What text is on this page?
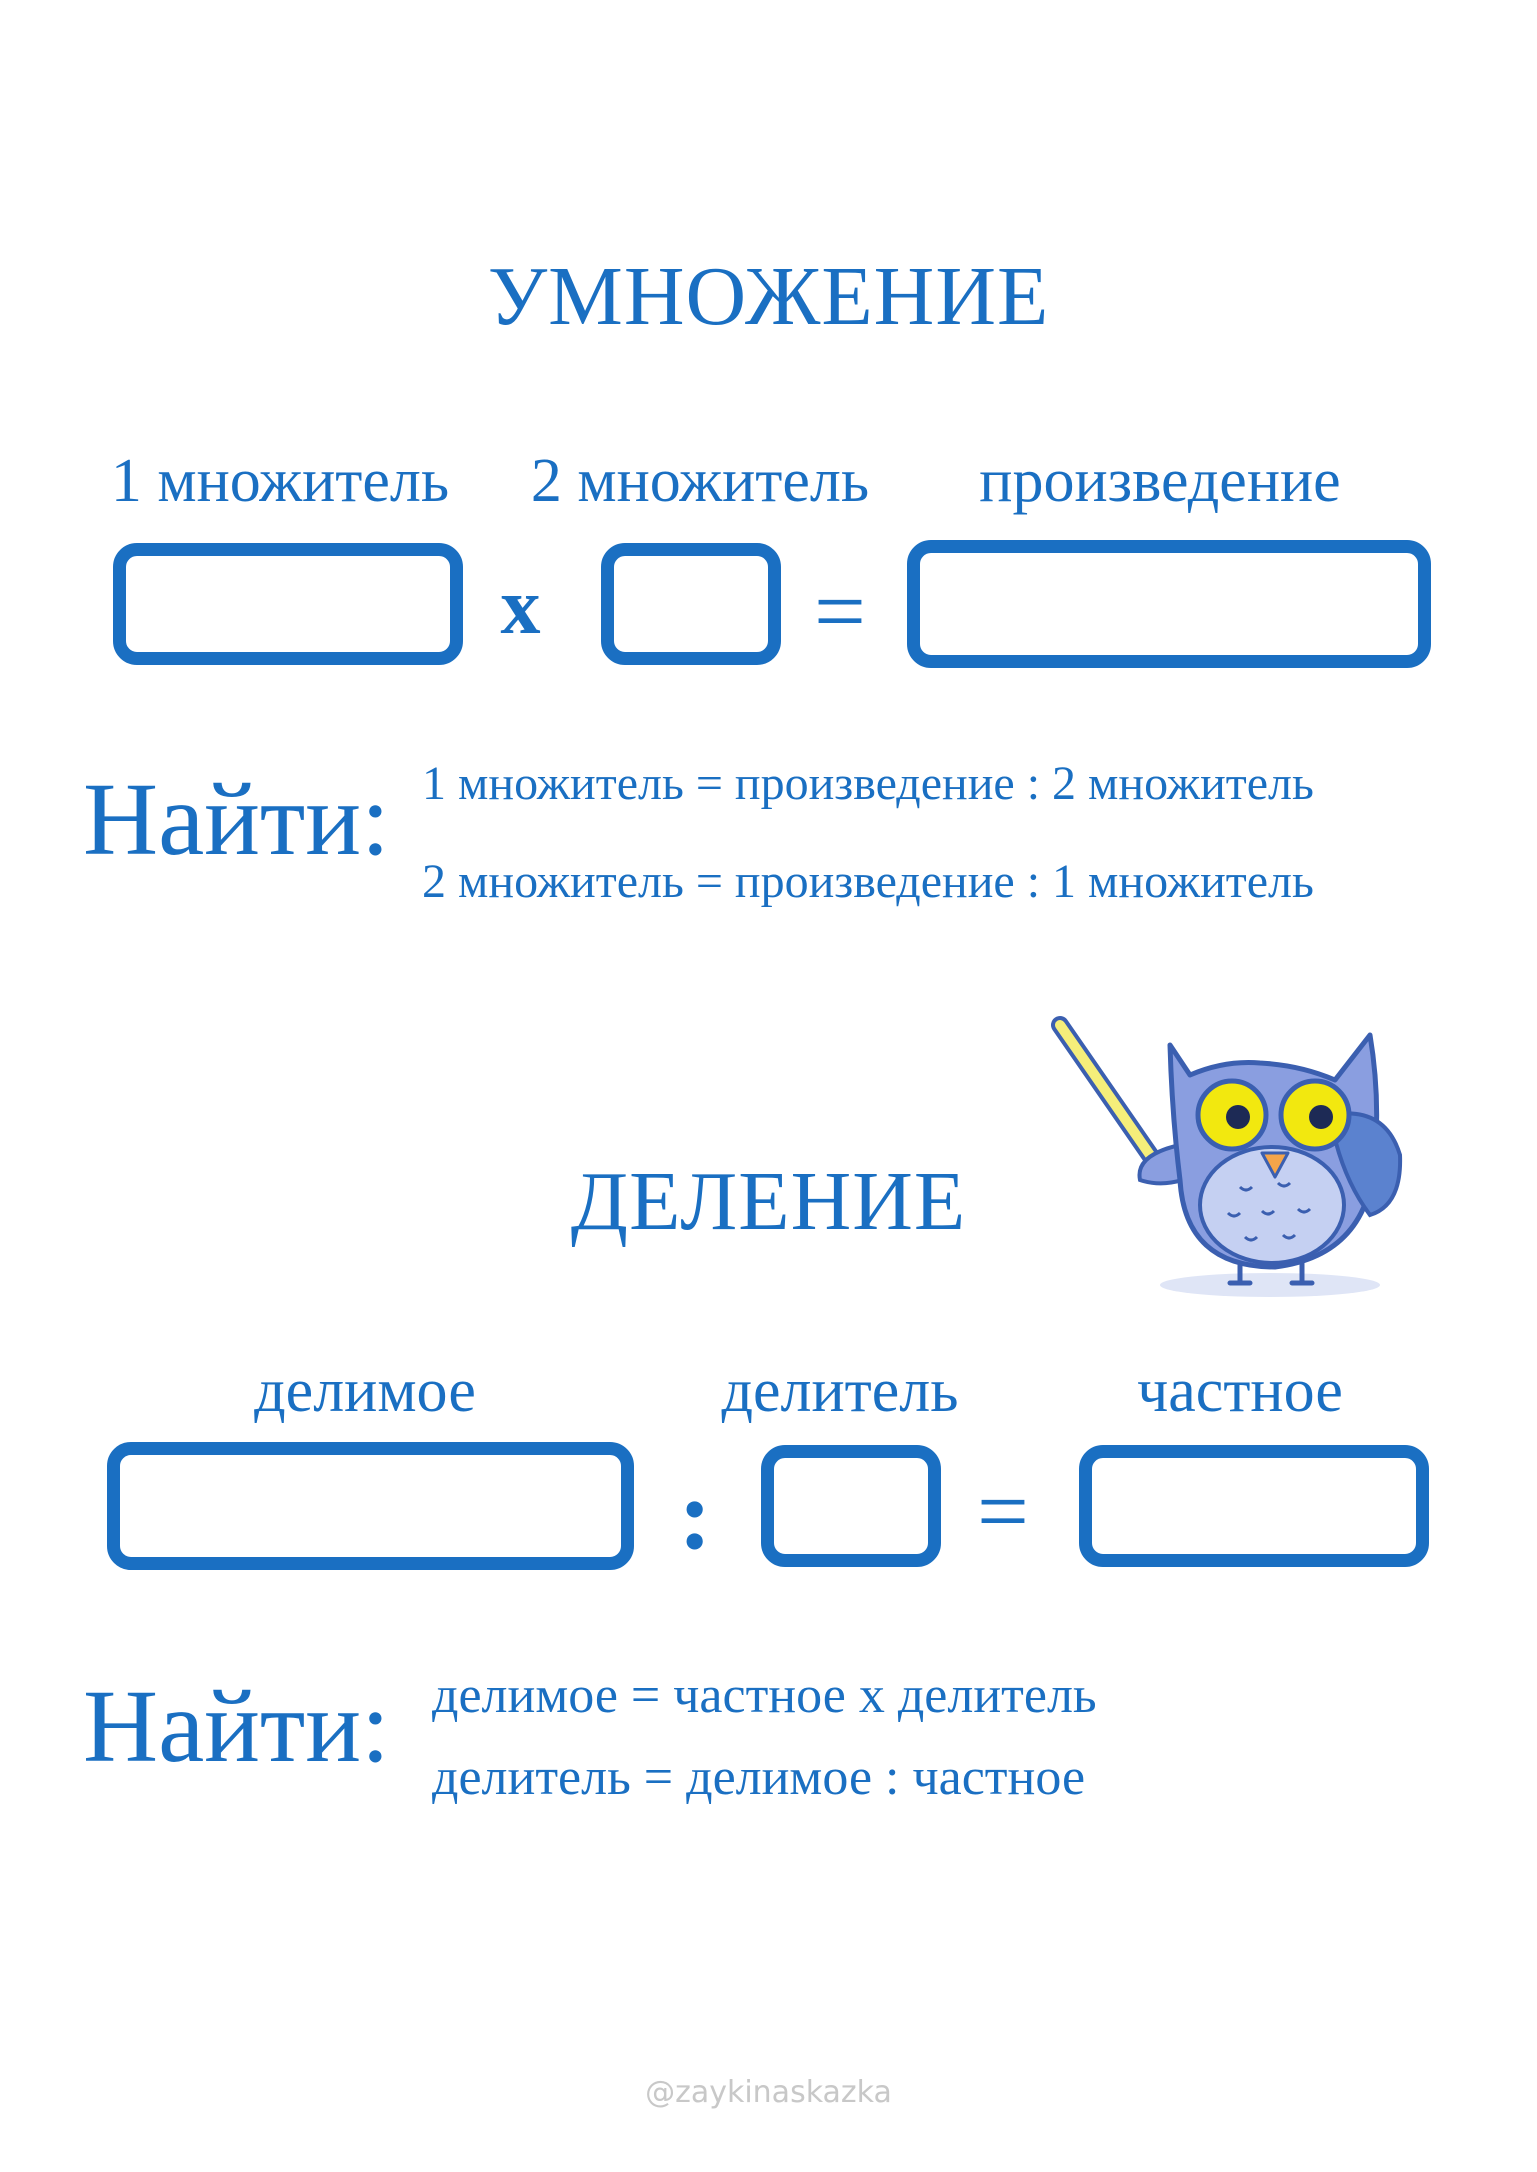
УМНОЖЕНИЕ
1 множитель	2 множитель	произведение
x	=
Найти: 1 множитель = произведение : 2 множитель
2 множитель = произведение : 1 множитель
ДЕЛЕНИЕ
делимое	делитель	частное
:	=
Найти: делимое = частное х делитель
делитель = делимое : частное
@zaykinaskazka
